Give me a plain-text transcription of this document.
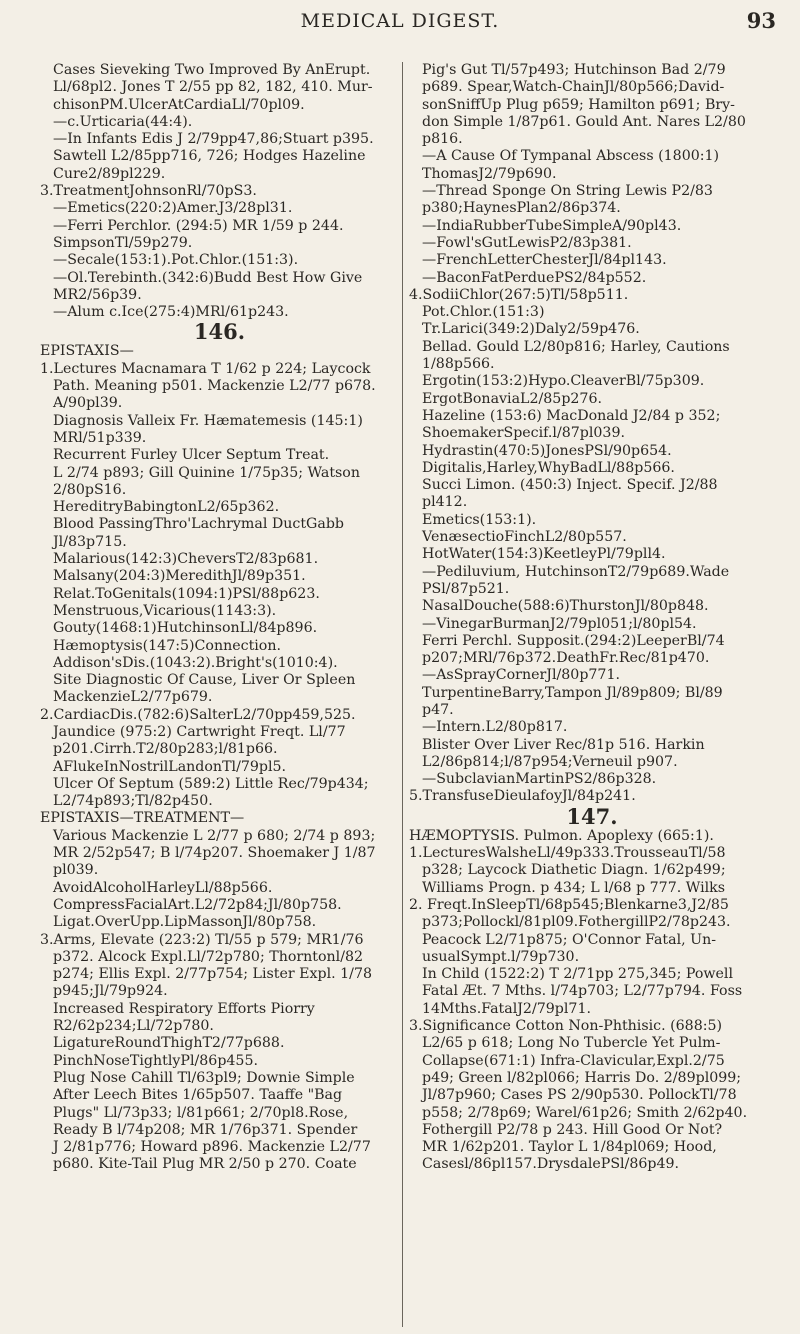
MEDICAL DIGEST.	93

Cases Sieveking Two Improved By AnErupt.

Ll/68pl2. Jones T 2/55 pp 82, 182, 410. Mur-

chisonPM.UlcerAtCardiaLl/70pl09.

—c.Urticaria(44:4).

—In Infants Edis J 2/79pp47,86;Stuart p395.

Sawtell L2/85pp716, 726; Hodges Hazeline

Cure2/89pl229.

3.TreatmentJohnsonRl/70pS3.

—Emetics(220:2)Amer.J3/28pl31.

—Ferri Perchlor. (294:5) MR 1/59 p 244.

SimpsonTl/59p279.

—Secale(153:1).Pot.Chlor.(151:3).

—Ol.Terebinth.(342:6)Budd Best How Give

MR2/56p39.

—Alum c.Ice(275:4)MRl/61p243.

146.

EPISTAXIS—

1.Lectures Macnamara T 1/62 p 224; Laycock

Path. Meaning p501. Mackenzie L2/77 p678.

A/90pl39.

Diagnosis Valleix Fr. Hæmatemesis (145:1)

MRl/51p339.

Recurrent Furley Ulcer Septum Treat.

L 2/74 p893; Gill Quinine 1/75p35; Watson

2/80pS16.

HereditryBabingtonL2/65p362.

Blood PassingThro'Lachrymal DuctGabb

Jl/83p715.

Malarious(142:3)CheversT2/83p681.

Malsany(204:3)MeredithJl/89p351.

Relat.ToGenitals(1094:1)PSl/88p623.

Menstruous,Vicarious(1143:3).

Gouty(1468:1)HutchinsonLl/84p896.

Hæmoptysis(147:5)Connection.

Addison'sDis.(1043:2).Bright's(1010:4).

Site Diagnostic Of Cause, Liver Or Spleen

MackenzieL2/77p679.

2.CardiacDis.(782:6)SalterL2/70pp459,525.

Jaundice (975:2) Cartwright Freqt. Ll/77

p201.Cirrh.T2/80p283;l/81p66.

AFlukeInNostrilLandonTl/79pl5.

Ulcer Of Septum (589:2) Little Rec/79p434;

L2/74p893;Tl/82p450.

EPISTAXIS—TREATMENT—

Various Mackenzie L 2/77 p 680; 2/74 p 893;

MR 2/52p547; B l/74p207. Shoemaker J 1/87

pl039.

AvoidAlcoholHarleyLl/88p566.

CompressFacialArt.L2/72p84;Jl/80p758.

Ligat.OverUpp.LipMassonJl/80p758.

3.Arms, Elevate (223:2) Tl/55 p 579; MR1/76

p372. Alcock Expl.Ll/72p780; Thorntonl/82

p274; Ellis Expl. 2/77p754; Lister Expl. 1/78

p945;Jl/79p924.

Increased Respiratory Efforts Piorry

R2/62p234;Ll/72p780.

LigatureRoundThighT2/77p688.

PinchNoseTightlyPl/86p455.

Plug Nose Cahill Tl/63pl9; Downie Simple

After Leech Bites 1/65p507. Taaffe "Bag

Plugs" Ll/73p33; l/81p661; 2/70pl8.Rose,

Ready B l/74p208; MR 1/76p371. Spender

J 2/81p776; Howard p896. Mackenzie L2/77

p680. Kite-Tail Plug MR 2/50 p 270. Coate

Pig's Gut Tl/57p493; Hutchinson Bad 2/79

p689. Spear,Watch-ChainJl/80p566;David-

sonSniffUp Plug p659; Hamilton p691; Bry-

don Simple 1/87p61. Gould Ant. Nares L2/80

p816.

—A Cause Of Tympanal Abscess (1800:1)

ThomasJ2/79p690.

—Thread Sponge On String Lewis P2/83

p380;HaynesPlan2/86p374.

—IndiaRubberTubeSimpleA/90pl43.

—Fowl'sGutLewisP2/83p381.

—FrenchLetterChesterJl/84pl143.

—BaconFatPerduePS2/84p552.

4.SodiiChlor(267:5)Tl/58p511.

Pot.Chlor.(151:3)

Tr.Larici(349:2)Daly2/59p476.

Bellad. Gould L2/80p816; Harley, Cautions

1/88p566.

Ergotin(153:2)Hypo.CleaverBl/75p309.

ErgotBonaviaL2/85p276.

Hazeline (153:6) MacDonald J2/84 p 352;

ShoemakerSpecif.l/87pl039.

Hydrastin(470:5)JonesPSl/90p654.

Digitalis,Harley,WhyBadLl/88p566.

Succi Limon. (450:3) Inject. Specif. J2/88

pl412.

Emetics(153:1).

VenæsectioFinchL2/80p557.

HotWater(154:3)KeetleyPl/79pll4.

—Pediluvium, HutchinsonT2/79p689.Wade

PSl/87p521.

NasalDouche(588:6)ThurstonJl/80p848.

—VinegarBurmanJ2/79pl051;l/80pl54.

Ferri Perchl. Supposit.(294:2)LeeperBl/74

p207;MRl/76p372.DeathFr.Rec/81p470.

—AsSprayCornerJl/80p771.

TurpentineBarry,Tampon Jl/89p809; Bl/89

p47.

—Intern.L2/80p817.

Blister Over Liver Rec/81p 516. Harkin

L2/86p814;l/87p954;Verneuil p907.

—SubclavianMartinPS2/86p328.

5.TransfuseDieulafoyJl/84p241.

147.

HÆMOPTYSIS. Pulmon. Apoplexy (665:1).

1.LecturesWalsheLl/49p333.TrousseauTl/58

p328; Laycock Diathetic Diagn. 1/62p499;

Williams Progn. p 434; L l/68 p 777. Wilks

2. Freqt.InSleepTl/68p545;Blenkarne3,J2/85

p373;Pollockl/81pl09.FothergillP2/78p243.

Peacock L2/71p875; O'Connor Fatal, Un-

usualSympt.l/79p730.

In Child (1522:2) T 2/71pp 275,345; Powell

Fatal Æt. 7 Mths. l/74p703; L2/77p794. Foss

14Mths.FatalJ2/79pl71.

3.Significance Cotton Non-Phthisic. (688:5)

L2/65 p 618; Long No Tubercle Yet Pulm-

Collapse(671:1) Infra-Clavicular,Expl.2/75

p49; Green l/82pl066; Harris Do. 2/89pl099;

Jl/87p960; Cases PS 2/90p530. PollockTl/78

p558; 2/78p69; Warel/61p26; Smith 2/62p40.

Fothergill P2/78 p 243. Hill Good Or Not?

MR 1/62p201. Taylor L 1/84pl069; Hood,

Casesl/86pl157.DrysdalePSl/86p49.
